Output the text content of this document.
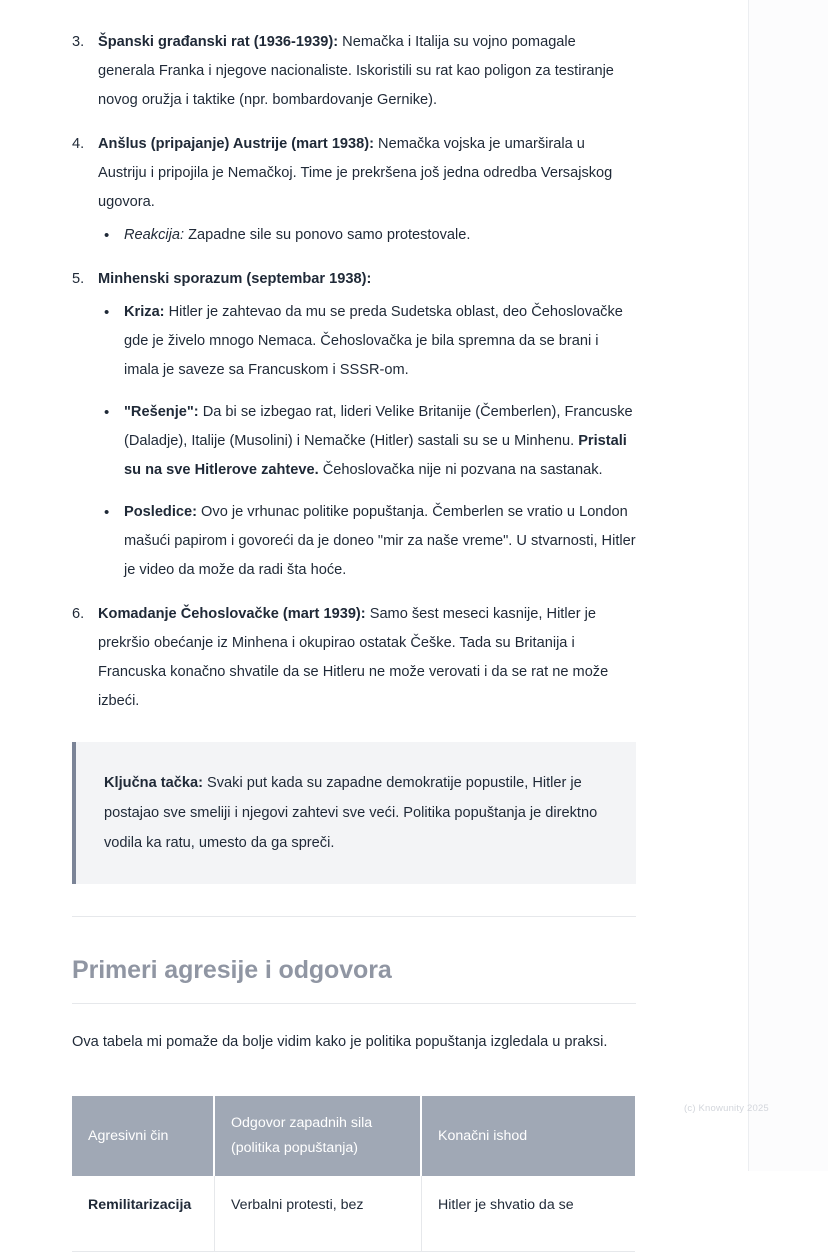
Španski građanski rat (1936-1939): Nemačka i Italija su vojno pomagale generala Franka i njegove nacionaliste. Iskoristili su rat kao poligon za testiranje novog oružja i taktike (npr. bombardovanje Gernike).
Anšlus (pripajanje) Austrije (mart 1938): Nemačka vojska je umarširala u Austriju i pripojila je Nemačkoj. Time je prekršena još jedna odredba Versajskog ugovora.
• Reakcija: Zapadne sile su ponovo samo protestovale.
Minhenski sporazum (septembar 1938):
• Kriza: Hitler je zahtevao da mu se preda Sudetska oblast, deo Čehoslovačke gde je živelo mnogo Nemaca. Čehoslovačka je bila spremna da se brani i imala je saveze sa Francuskom i SSSR-om.
• "Rešenje": Da bi se izbegao rat, lideri Velike Britanije (Čemberlen), Francuske (Daladje), Italije (Musolini) i Nemačke (Hitler) sastali su se u Minhenu. Pristali su na sve Hitlerove zahteve. Čehoslovačka nije ni pozvana na sastanak.
• Posledice: Ovo je vrhunac politike popuštanja. Čemberlen se vratio u London mašući papirom i govoreći da je doneo "mir za naše vreme". U stvarnosti, Hitler je video da može da radi šta hoće.
Komadanje Čehoslovačke (mart 1939): Samo šest meseci kasnije, Hitler je prekršio obećanje iz Minhena i okupirao ostatak Češke. Tada su Britanija i Francuska konačno shvatile da se Hitleru ne može verovati i da se rat ne može izbeći.
Ključna tačka: Svaki put kada su zapadne demokratije popustile, Hitler je postajao sve smeliji i njegovi zahtevi sve veći. Politika popuštanja je direktno vodila ka ratu, umesto da ga spreči.
Primeri agresije i odgovora

Ova tabela mi pomaže da bolje vidim kako je politika popuštanja izgledala u praksi.

Agresivni čin	Odgovor zapadnih sila (politika popuštanja)	Konačni ishod
Remilitarizacija	Verbalni protesti, bez	Hitler je shvatio da se
(c) Knowunity 2025
